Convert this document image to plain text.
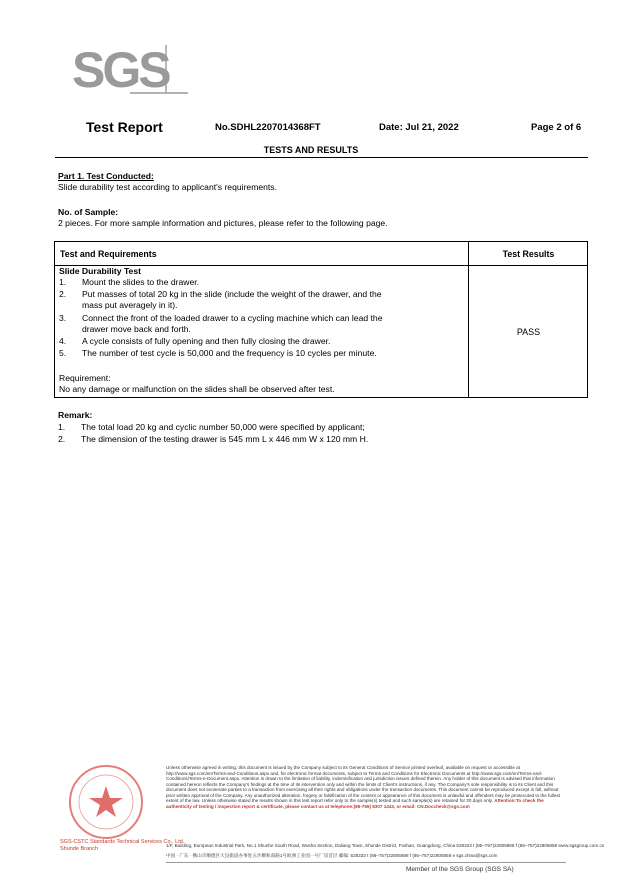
SGS
Test Report	No.SDHL2207014368FT	Date: Jul 21, 2022	Page 2 of 6
TESTS AND RESULTS
Part 1. Test Conducted:
Slide durability test according to applicant's requirements.
No. of Sample:
2 pieces. For more sample information and pictures, please refer to the following page.
Test and Requirements	Test Results
Slide Durability Test
1. Mount the slides to the drawer.
2. Put masses of total 20 kg in the slide (include the weight of the drawer, and the
mass put averagely in it).
3. Connect the front of the loaded drawer to a cycling machine which can lead the
drawer move back and forth.
4. A cycle consists of fully opening and then fully closing the drawer.
5. The number of test cycle is 50,000 and the frequency is 10 cycles per minute.
Requirement:
No any damage or malfunction on the slides shall be observed after test.
PASS
Remark:
1. The total load 20 kg and cyclic number 50,000 were specified by applicant;
2. The dimension of the testing drawer is 545 mm L x 446 mm W x 120 mm H.
SGS-CSTC Standards Technical Services Co., Ltd.
Shunde Branch
Unless otherwise agreed in writing, this document is issued by the Company subject to its General Conditions of Service printed overleaf, available on request or accessible at http://www.sgs.com/en/Terms-and-Conditions.aspx and, for electronic format documents, subject to Terms and Conditions for Electronic Documents at http://www.sgs.com/en/Terms-and-Conditions/Terms-e-Document.aspx. Attention is drawn to the limitation of liability, indemnification and jurisdiction issues defined therein. Any holder of this document is advised that information contained hereon reflects the Company's findings at the time of its intervention only and within the limits of Client's instructions, if any. The Company's sole responsibility is to its Client and this document does not exonerate parties to a transaction from exercising all their rights and obligations under the transaction documents. This document cannot be reproduced except in full, without prior written approval of the Company. Any unauthorized alteration, forgery or falsification of the content or appearance of this document is unlawful and offenders may be prosecuted to the fullest extent of the law. Unless otherwise stated the results shown in this test report refer only to the sample(s) tested and such sample(s) are retained for 30 days only. Attention:To check the authenticity of testing / inspection report & certificate, please contact us at telephone:(86-755) 8307 1443, or email: CN.Doccheck@sgs.com
1/F, Building, European Industrial Park, No.1 Shunhe South Road, Wusha Section, Daliang Town, Shunde District, Foshan, Guangdong, China 528333 t (86–757)22805888 f (86–757)22805858 www.sgsgroup.com.cn
中国 · 广东 · 佛山市顺德区大良街道办事处五沙顺和南路1号欧洲工业园一号厂房首层 邮编: 528333 t (86–757)22805888 f (86–757)22805858 e sgs.china@sgs.com
Member of the SGS Group (SGS SA)
